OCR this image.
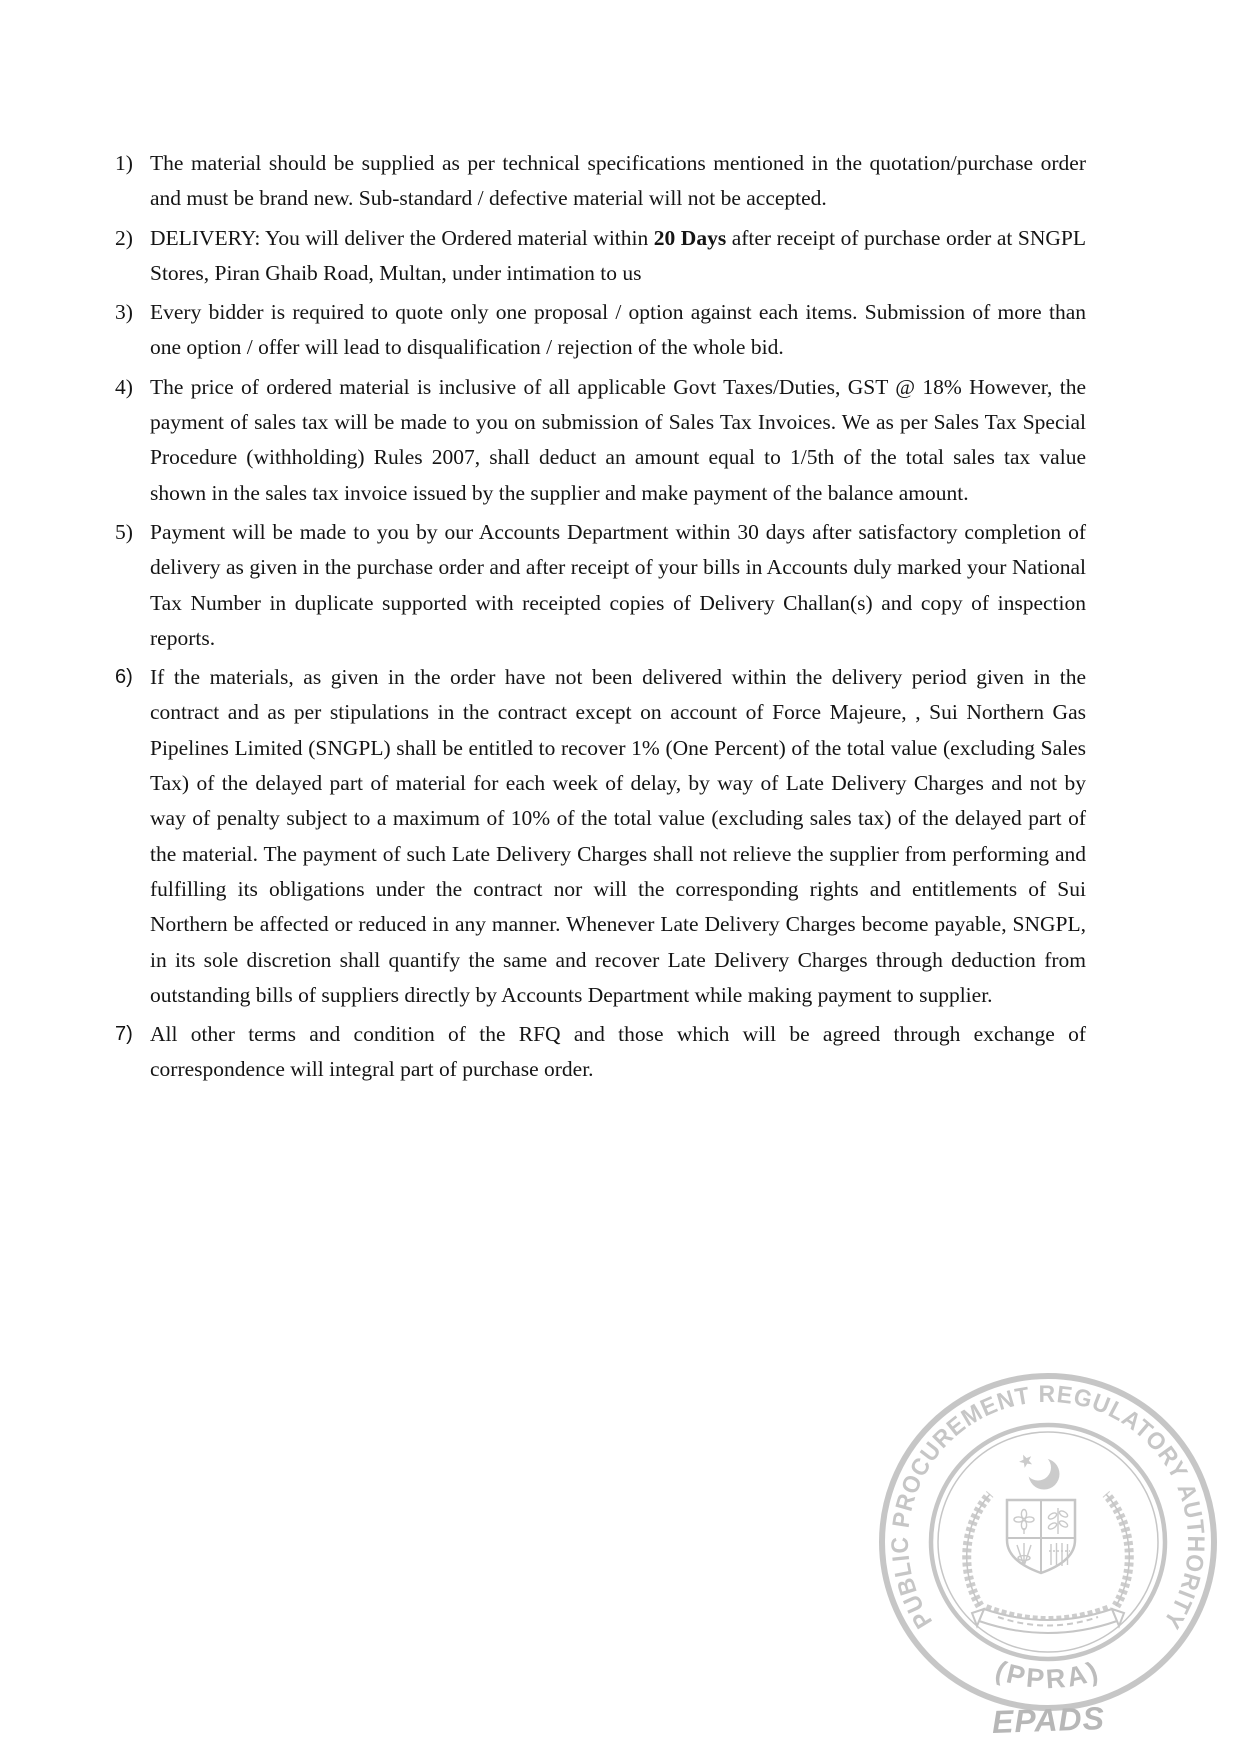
1) The material should be supplied as per technical specifications mentioned in the quotation/purchase order and must be brand new. Sub-standard / defective material will not be accepted.
2) DELIVERY: You will deliver the Ordered material within 20 Days after receipt of purchase order at SNGPL Stores, Piran Ghaib Road, Multan, under intimation to us
3) Every bidder is required to quote only one proposal / option against each items. Submission of more than one option / offer will lead to disqualification / rejection of the whole bid.
4) The price of ordered material is inclusive of all applicable Govt Taxes/Duties, GST @ 18% However, the payment of sales tax will be made to you on submission of Sales Tax Invoices. We as per Sales Tax Special Procedure (withholding) Rules 2007, shall deduct an amount equal to 1/5th of the total sales tax value shown in the sales tax invoice issued by the supplier and make payment of the balance amount.
5) Payment will be made to you by our Accounts Department within 30 days after satisfactory completion of delivery as given in the purchase order and after receipt of your bills in Accounts duly marked your National Tax Number in duplicate supported with receipted copies of Delivery Challan(s) and copy of inspection reports.
6) If the materials, as given in the order have not been delivered within the delivery period given in the contract and as per stipulations in the contract except on account of Force Majeure, , Sui Northern Gas Pipelines Limited (SNGPL) shall be entitled to recover 1% (One Percent) of the total value (excluding Sales Tax) of the delayed part of material for each week of delay, by way of Late Delivery Charges and not by way of penalty subject to a maximum of 10% of the total value (excluding sales tax) of the delayed part of the material. The payment of such Late Delivery Charges shall not relieve the supplier from performing and fulfilling its obligations under the contract nor will the corresponding rights and entitlements of Sui Northern be affected or reduced in any manner. Whenever Late Delivery Charges become payable, SNGPL, in its sole discretion shall quantify the same and recover Late Delivery Charges through deduction from outstanding bills of suppliers directly by Accounts Department while making payment to supplier.
7) All other terms and condition of the RFQ and those which will be agreed through exchange of correspondence will integral part of purchase order.
PUBLIC PROCUREMENT REGULATORY AUTHORITY
(PPRA)
EPADS
